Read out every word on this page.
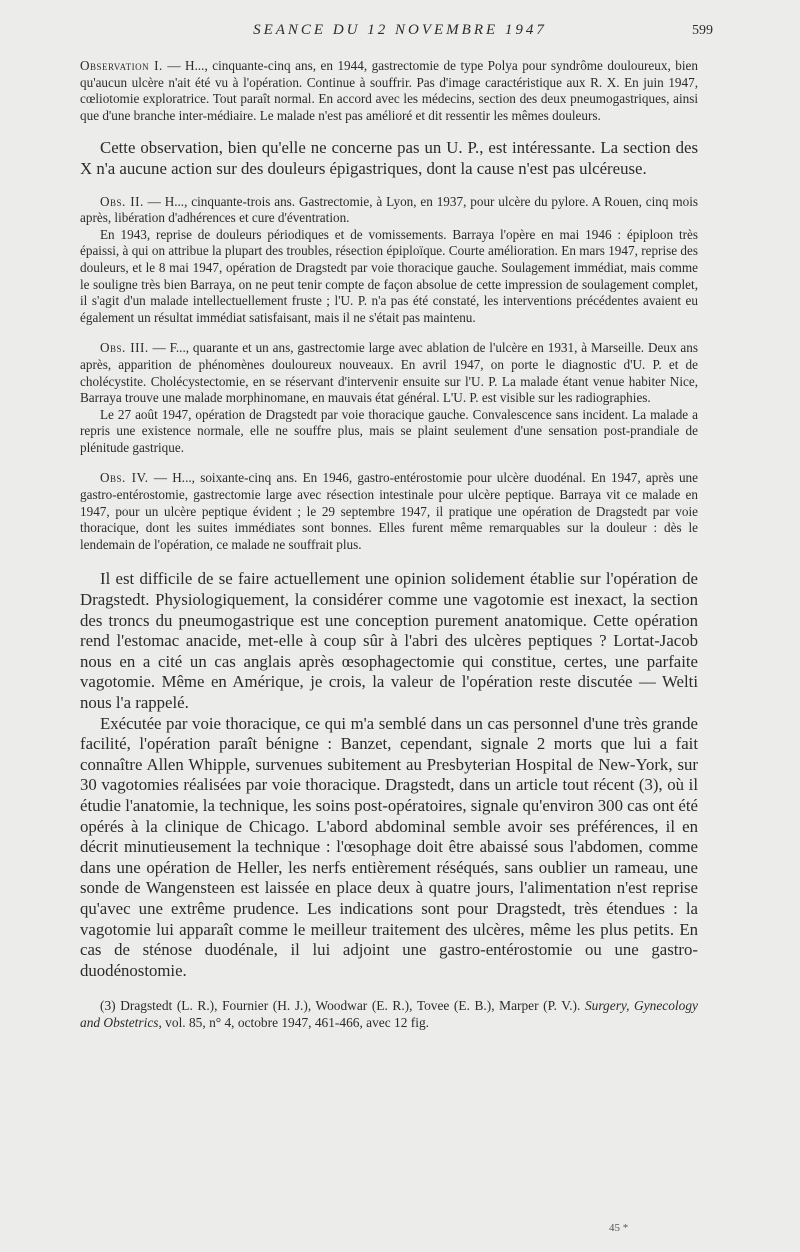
SEANCE DU 12 NOVEMBRE 1947	599

Observation I. — H..., cinquante-cinq ans, en 1944, gastrectomie de type Polya pour syndrôme douloureux, bien qu'aucun ulcère n'ait été vu à l'opération. Continue à souffrir. Pas d'image caractéristique aux R. X. En juin 1947, cœliotomie exploratrice. Tout paraît normal. En accord avec les médecins, section des deux pneumogastriques, ainsi que d'une branche inter-médiaire. Le malade n'est pas amélioré et dit ressentir les mêmes douleurs.

Cette observation, bien qu'elle ne concerne pas un U. P., est intéressante. La section des X n'a aucune action sur des douleurs épigastriques, dont la cause n'est pas ulcéreuse.

Obs. II. — H..., cinquante-trois ans. Gastrectomie, à Lyon, en 1937, pour ulcère du pylore. A Rouen, cinq mois après, libération d'adhérences et cure d'éventration.

En 1943, reprise de douleurs périodiques et de vomissements. Barraya l'opère en mai 1946 : épiploon très épaissi, à qui on attribue la plupart des troubles, résection épiploïque. Courte amélioration. En mars 1947, reprise des douleurs, et le 8 mai 1947, opération de Dragstedt par voie thoracique gauche. Soulagement immédiat, mais comme le souligne très bien Barraya, on ne peut tenir compte de façon absolue de cette impression de soulagement complet, il s'agit d'un malade intellectuellement fruste ; l'U. P. n'a pas été constaté, les interventions précédentes avaient eu également un résultat immédiat satisfaisant, mais il ne s'était pas maintenu.

Obs. III. — F..., quarante et un ans, gastrectomie large avec ablation de l'ulcère en 1931, à Marseille. Deux ans après, apparition de phénomènes douloureux nouveaux. En avril 1947, on porte le diagnostic d'U. P. et de cholécystite. Cholécystectomie, en se réservant d'intervenir ensuite sur l'U. P. La malade étant venue habiter Nice, Barraya trouve une malade morphinomane, en mauvais état général. L'U. P. est visible sur les radiographies.

Le 27 août 1947, opération de Dragstedt par voie thoracique gauche. Convalescence sans incident. La malade a repris une existence normale, elle ne souffre plus, mais se plaint seulement d'une sensation post-prandiale de plénitude gastrique.

Obs. IV. — H..., soixante-cinq ans. En 1946, gastro-entérostomie pour ulcère duodénal. En 1947, après une gastro-entérostomie, gastrectomie large avec résection intestinale pour ulcère peptique. Barraya vit ce malade en 1947, pour un ulcère peptique évident ; le 29 septembre 1947, il pratique une opération de Dragstedt par voie thoracique, dont les suites immédiates sont bonnes. Elles furent même remarquables sur la douleur : dès le lendemain de l'opération, ce malade ne souffrait plus.

Il est difficile de se faire actuellement une opinion solidement établie sur l'opération de Dragstedt. Physiologiquement, la considérer comme une vagotomie est inexact, la section des troncs du pneumogastrique est une conception purement anatomique. Cette opération rend l'estomac anacide, met-elle à coup sûr à l'abri des ulcères peptiques ? Lortat-Jacob nous en a cité un cas anglais après œsophagectomie qui constitue, certes, une parfaite vagotomie. Même en Amérique, je crois, la valeur de l'opération reste discutée — Welti nous l'a rappelé.

Exécutée par voie thoracique, ce qui m'a semblé dans un cas personnel d'une très grande facilité, l'opération paraît bénigne : Banzet, cependant, signale 2 morts que lui a fait connaître Allen Whipple, survenues subitement au Presbyterian Hospital de New-York, sur 30 vagotomies réalisées par voie thoracique. Dragstedt, dans un article tout récent (3), où il étudie l'anatomie, la technique, les soins post-opératoires, signale qu'environ 300 cas ont été opérés à la clinique de Chicago. L'abord abdominal semble avoir ses préférences, il en décrit minutieusement la technique : l'œsophage doit être abaissé sous l'abdomen, comme dans une opération de Heller, les nerfs entièrement réséqués, sans oublier un rameau, une sonde de Wangensteen est laissée en place deux à quatre jours, l'alimentation n'est reprise qu'avec une extrême prudence. Les indications sont pour Dragstedt, très étendues : la vagotomie lui apparaît comme le meilleur traitement des ulcères, même les plus petits. En cas de sténose duodénale, il lui adjoint une gastro-entérostomie ou une gastro-duodénostomie.

(3) Dragstedt (L. R.), Fournier (H. J.), Woodwar (E. R.), Tovee (E. B.), Marper (P. V.). Surgery, Gynecology and Obstetrics, vol. 85, n° 4, octobre 1947, 461-466, avec 12 fig.

45 *
